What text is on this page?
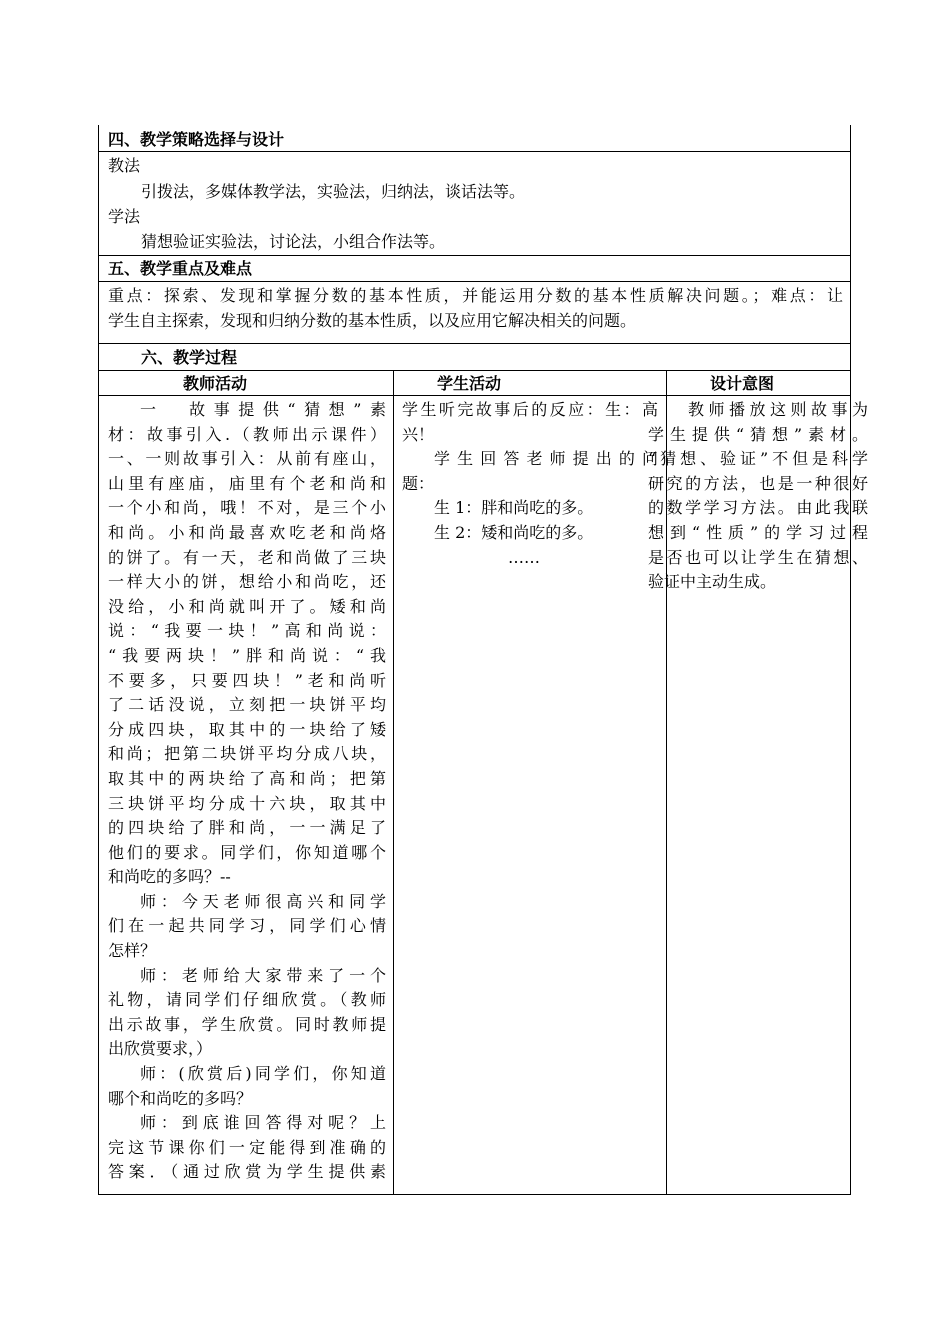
四、教学策略选择与设计
教法
引拨法，多媒体教学法，实验法，归纳法，谈话法等。
学法
猜想验证实验法，讨论法，小组合作法等。
五、教学重点及难点
重点：探索、发现和掌握分数的基本性质，并能运用分数的基本性质解决问题。；难点：让
学生自主探索，发现和归纳分数的基本性质，以及应用它解决相关的问题。
六、教学过程
教师活动	学生活动	设计意图

一　故事提供“猜想”素

材：故事引入.（教师出示课件）

一、一则故事引入：从前有座山，

山里有座庙，庙里有个老和尚和

一个小和尚，哦！不对，是三个小

和尚。小和尚最喜欢吃老和尚烙

的饼了。有一天，老和尚做了三块

一样大小的饼，想给小和尚吃，还

没给，小和尚就叫开了。矮和尚

说：“我要一块！”高和尚说：

“我要两块！”胖和尚说：“我

不要多，只要四块！”老和尚听

了二话没说，立刻把一块饼平均

分成四块，取其中的一块给了矮

和尚；把第二块饼平均分成八块，

取其中的两块给了高和尚；把第

三块饼平均分成十六块，取其中

的四块给了胖和尚，一一满足了

他们的要求。同学们，你知道哪个

和尚吃的多吗？--

师：今天老师很高兴和同学

们在一起共同学习，同学们心情

怎样？

师：老师给大家带来了一个

礼物，请同学们仔细欣赏。（教师

出示故事，学生欣赏。同时教师提

出欣赏要求，）

师：(欣赏后)同学们，你知道

哪个和尚吃的多吗？

师：到底谁回答得对呢？上

完这节课你们一定能得到准确的

答案．（通过欣赏为学生提供素

学生听完故事后的反应：生：高

兴！

学生回答老师提出的问

题：

生 1：胖和尚吃的多。

生 2：矮和尚吃的多。

……

教师播放这则故事为

学生提供“猜想”素材。

“猜想、验证”不但是科学

研究的方法，也是一种很好

的数学学习方法。由此我联

想到“性质”的学习过程

是否也可以让学生在猜想、

验证中主动生成。
